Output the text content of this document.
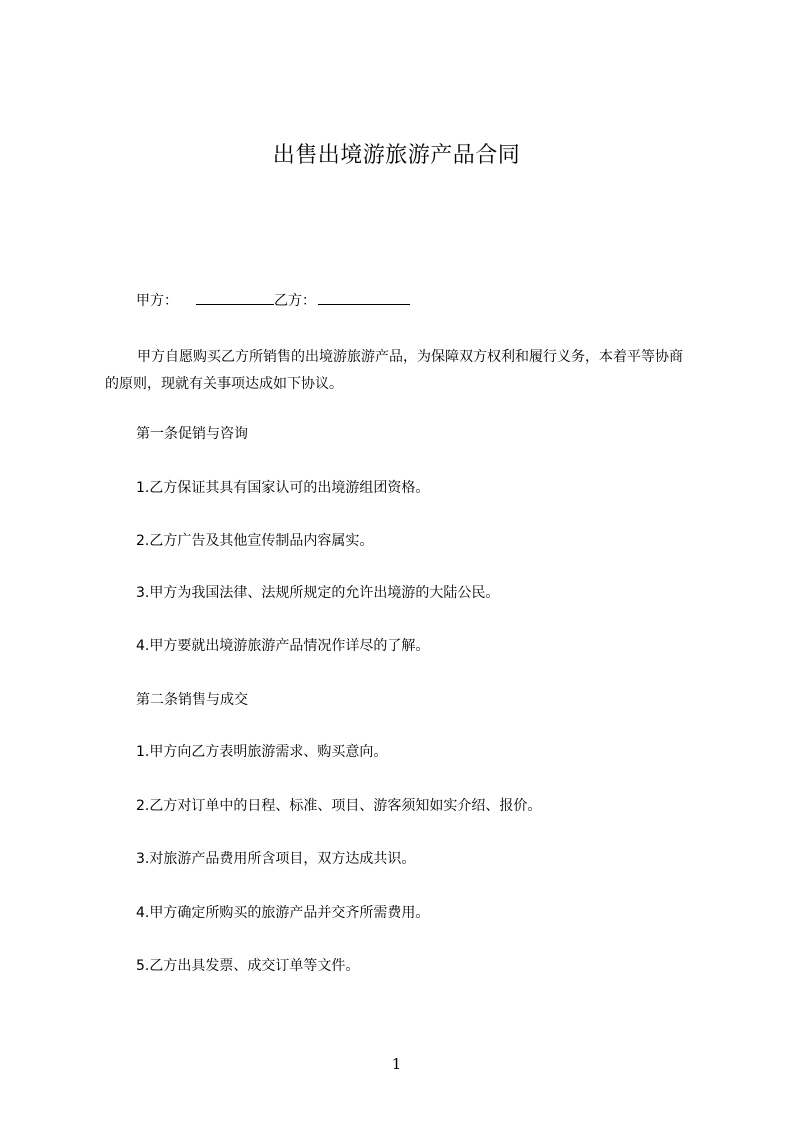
出售出境游旅游产品合同
甲方：	乙方：
甲方自愿购买乙方所销售的出境游旅游产品，为保障双方权利和履行义务，本着平等协商的原则，现就有关事项达成如下协议。
第一条促销与咨询
1.乙方保证其具有国家认可的出境游组团资格。
2.乙方广告及其他宣传制品内容属实。
3.甲方为我国法律、法规所规定的允许出境游的大陆公民。
4.甲方要就出境游旅游产品情况作详尽的了解。
第二条销售与成交
1.甲方向乙方表明旅游需求、购买意向。
2.乙方对订单中的日程、标准、项目、游客须知如实介绍、报价。
3.对旅游产品费用所含项目，双方达成共识。
4.甲方确定所购买的旅游产品并交齐所需费用。
5.乙方出具发票、成交订单等文件。
1
